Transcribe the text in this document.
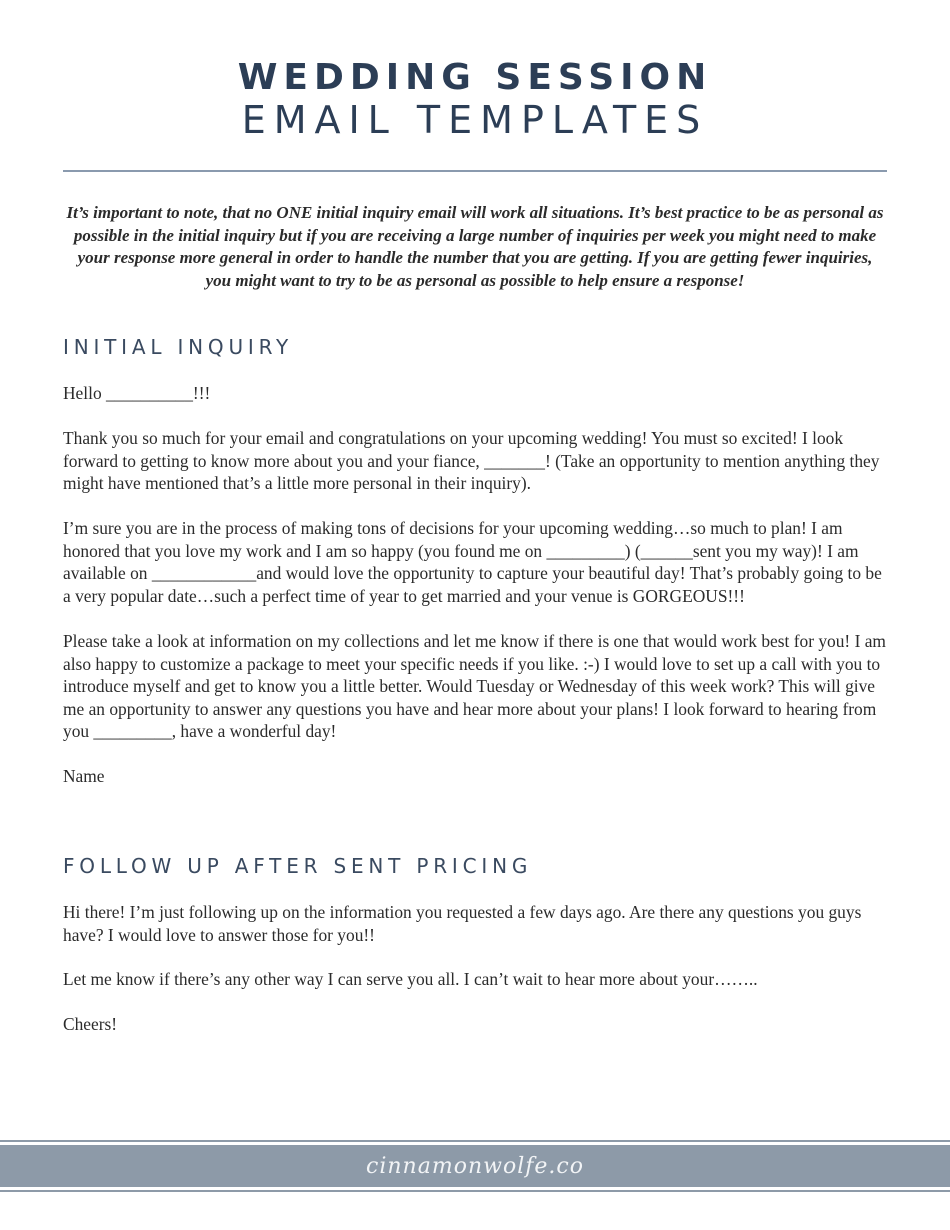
WEDDING SESSION
EMAIL TEMPLATES

It’s important to note, that no ONE initial inquiry email will work all situations. It’s best practice to be as personal as possible in the initial inquiry but if you are receiving a large number of inquiries per week you might need to make your response more general in order to handle the number that you are getting. If you are getting fewer inquiries, you might want to try to be as personal as possible to help ensure a response!

INITIAL INQUIRY

Hello __________!!!

Thank you so much for your email and congratulations on your upcoming wedding! You must so excited! I look forward to getting to know more about you and your fiance, _______! (Take an opportunity to mention anything they might have mentioned that’s a little more personal in their inquiry).

I’m sure you are in the process of making tons of decisions for your upcoming wedding…so much to plan! I am honored that you love my work and I am so happy (you found me on _________) (______sent you my way)! I am available on ____________and would love the opportunity to capture your beautiful day! That’s probably going to be a very popular date…such a perfect time of year to get married and your venue is GORGEOUS!!!

Please take a look at information on my collections and let me know if there is one that would work best for you! I am also happy to customize a package to meet your specific needs if you like. :-) I would love to set up a call with you to introduce myself and get to know you a little better. Would Tuesday or Wednesday of this week work? This will give me an opportunity to answer any questions you have and hear more about your plans! I look forward to hearing from you _________, have a wonderful day!

Name

FOLLOW UP AFTER SENT PRICING

Hi there! I’m just following up on the information you requested a few days ago. Are there any questions you guys have? I would love to answer those for you!!

Let me know if there’s any other way I can serve you all. I can’t wait to hear more about your……..

Cheers!

cinnamonwolfe.co
